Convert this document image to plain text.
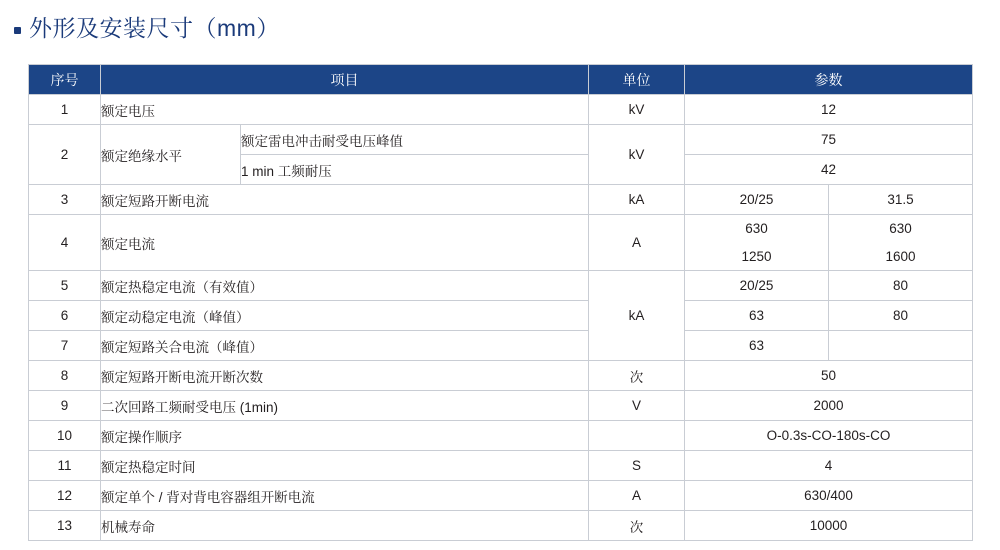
外形及安装尺寸（mm）
序号	项目		单位	参数	
1	额定电压		kV	12	
2	额定绝缘水平	额定雷电冲击耐受电压峰值	kV	75	
		1 min 工频耐压		42	
3	额定短路开断电流		kA	20/25	31.5
4	额定电流		A	630	630
				1250	1600
5	额定热稳定电流（有效值）		kA	20/25	80
6	额定动稳定电流（峰值）			63	80
7	额定短路关合电流（峰值）			63	
8	额定短路开断电流开断次数		次	50	
9	二次回路工频耐受电压 (1min)		V	2000	
10	额定操作顺序			O-0.3s-CO-180s-CO	
11	额定热稳定时间		S	4	
12	额定单个 / 背对背电容器组开断电流		A	630/400	
13	机械寿命		次	10000	
